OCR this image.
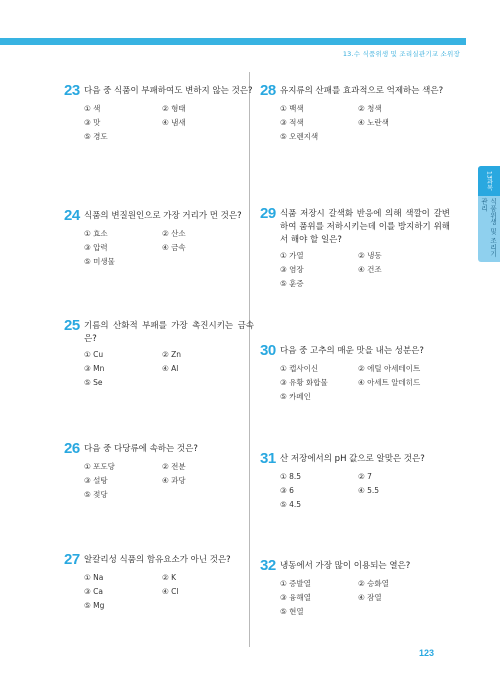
13.수 식품위생 및 조리실관기교 소위장
13과목
식품위생 및 조리기관리
23 다음 중 식품이 부패하여도 변하지 않는 것은?
① 색	② 형태
③ 맛	④ 냄새
⑤ 경도
24 식품의 변질원인으로 가장 거리가 먼 것은?
① 효소	② 산소
③ 압력	④ 금속
⑤ 미생물
25 기름의 산화적 부패를 가장 촉진시키는 금속은?
① Cu	② Zn
③ Mn	④ Al
⑤ Se
26 다음 중 다당류에 속하는 것은?
① 포도당	② 전분
③ 설탕	④ 과당
⑤ 젖당
27 알칼리성 식품의 함유요소가 아닌 것은?
① Na	② K
③ Ca	④ Cl
⑤ Mg
28 유지류의 산패를 효과적으로 억제하는 색은?
① 백색	② 청색
③ 적색	④ 노란색
⑤ 오렌지색
29 식품 저장시 갈색화 반응에 의해 색깔이 갈변하여 품위를 저하시키는데 이를 방지하기 위해서 해야 할 일은?
① 가열	② 냉동
③ 염장	④ 건조
⑤ 훈증
30 다음 중 고추의 매운 맛을 내는 성분은?
① 캡사이신	② 에틸 아세테이트
③ 유황 화합물	④ 아세트 알데히드
⑤ 카페인
31 산 저장에서의 pH 값으로 알맞은 것은?
① 8.5	② 7
③ 6	④ 5.5
⑤ 4.5
32 냉동에서 가장 많이 이용되는 열은?
① 증발열	② 승화열
③ 융해열	④ 잠열
⑤ 현열
123
